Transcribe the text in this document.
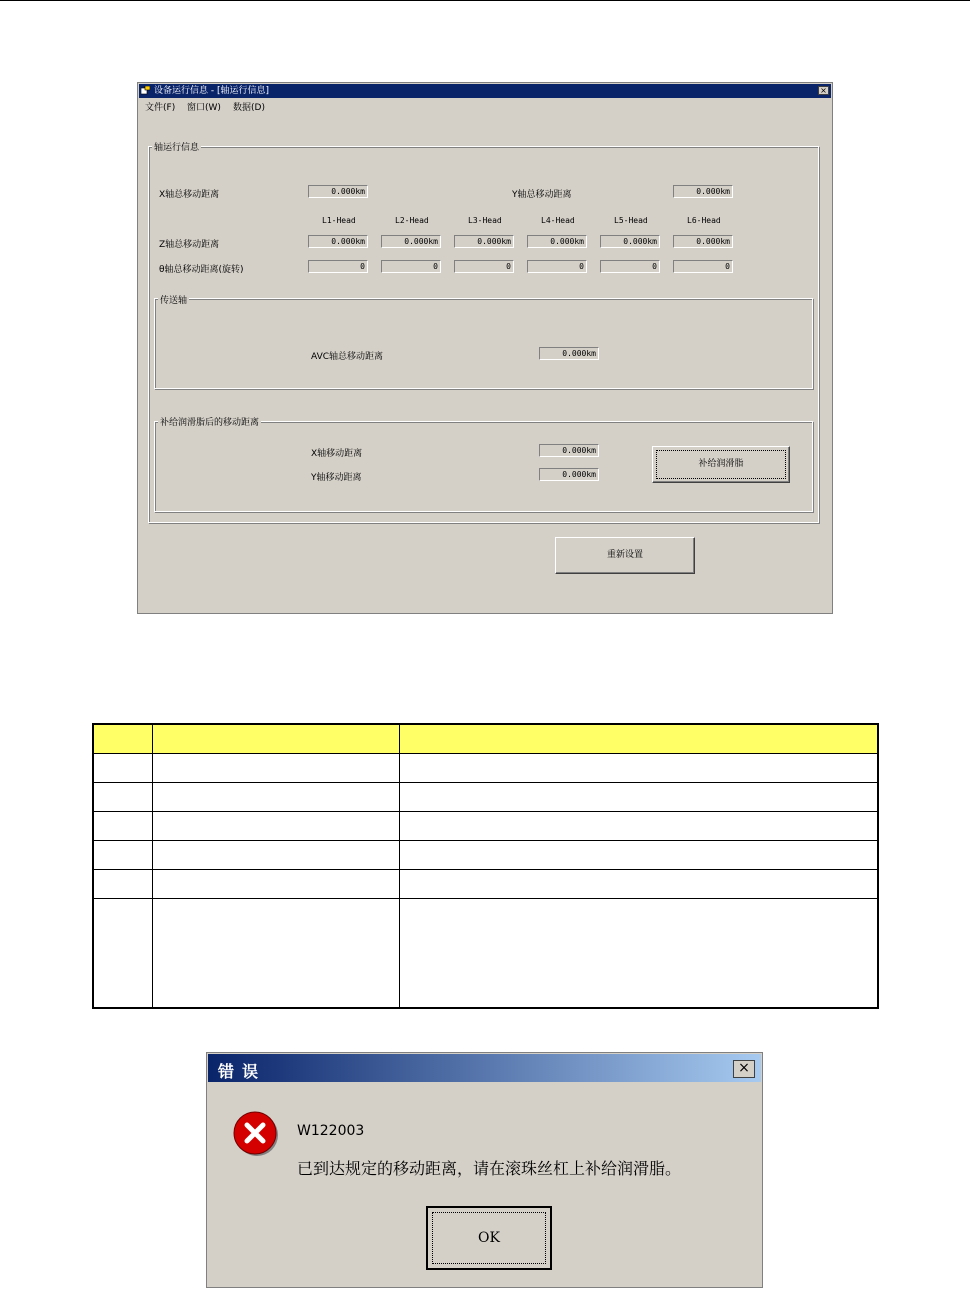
设备运行信息 - [轴运行信息]	×
文件(F) 窗口(W) 数据(D)
轴运行信息
X轴总移动距离	0.000km	Y轴总移动距离	0.000km
L1-Head	L2-Head	L3-Head	L4-Head	L5-Head	L6-Head
Z轴总移动距离	0.000km	0.000km	0.000km	0.000km	0.000km	0.000km
θ轴总移动距离(旋转)	0	0	0	0	0	0
传送轴
AVC轴总移动距离	0.000km
补给润滑脂后的移动距离
X轴移动距离	0.000km
Y轴移动距离	0.000km
补给润滑脂
重新设置

错误	×
W122003
已到达规定的移动距离，请在滚珠丝杠上补给润滑脂。
OK
